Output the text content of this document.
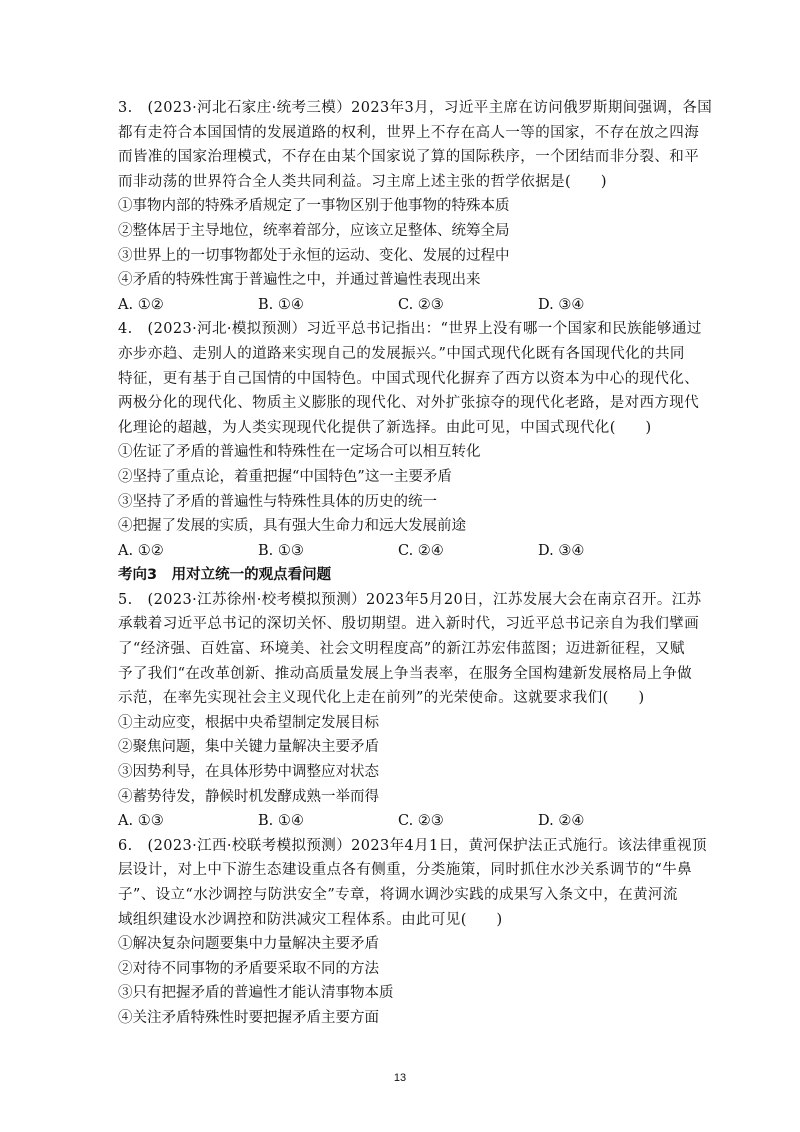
3.　(2023·河北石家庄·统考三模）2023年3月，习近平主席在访问俄罗斯期间强调，各国
都有走符合本国国情的发展道路的权利，世界上不存在高人一等的国家，不存在放之四海
而皆准的国家治理模式，不存在由某个国家说了算的国际秩序，一个团结而非分裂、和平
而非动荡的世界符合全人类共同利益。习主席上述主张的哲学依据是(　　)
①事物内部的特殊矛盾规定了一事物区别于他事物的特殊本质
②整体居于主导地位，统率着部分，应该立足整体、统筹全局
③世界上的一切事物都处于永恒的运动、变化、发展的过程中
④矛盾的特殊性寓于普遍性之中，并通过普遍性表现出来
A. ①②	B. ①④	C. ②③	D. ③④
4.　(2023·河北·模拟预测）习近平总书记指出：“世界上没有哪一个国家和民族能够通过
亦步亦趋、走别人的道路来实现自己的发展振兴。”中国式现代化既有各国现代化的共同
特征，更有基于自己国情的中国特色。中国式现代化摒弃了西方以资本为中心的现代化、
两极分化的现代化、物质主义膨胀的现代化、对外扩张掠夺的现代化老路，是对西方现代
化理论的超越，为人类实现现代化提供了新选择。由此可见，中国式现代化(　　)
①佐证了矛盾的普遍性和特殊性在一定场合可以相互转化
②坚持了重点论，着重把握“中国特色”这一主要矛盾
③坚持了矛盾的普遍性与特殊性具体的历史的统一
④把握了发展的实质，具有强大生命力和远大发展前途
A. ①②	B. ①③	C. ②④	D. ③④
考向3　用对立统一的观点看问题
5.　(2023·江苏徐州·校考模拟预测）2023年5月20日，江苏发展大会在南京召开。江苏
承载着习近平总书记的深切关怀、殷切期望。进入新时代，习近平总书记亲自为我们擘画
了“经济强、百姓富、环境美、社会文明程度高”的新江苏宏伟蓝图；迈进新征程，又赋
予了我们“在改革创新、推动高质量发展上争当表率，在服务全国构建新发展格局上争做
示范，在率先实现社会主义现代化上走在前列”的光荣使命。这就要求我们(　　)
①主动应变，根据中央希望制定发展目标
②聚焦问题，集中关键力量解决主要矛盾
③因势利导，在具体形势中调整应对状态
④蓄势待发，静候时机发酵成熟一举而得
A. ①③	B. ①④	C. ②③	D. ②④
6.　(2023·江西·校联考模拟预测）2023年4月1日，黄河保护法正式施行。该法律重视顶
层设计，对上中下游生态建设重点各有侧重，分类施策，同时抓住水沙关系调节的“牛鼻
子”、设立“水沙调控与防洪安全”专章，将调水调沙实践的成果写入条文中，在黄河流
域组织建设水沙调控和防洪减灾工程体系。由此可见(　　)
①解决复杂问题要集中力量解决主要矛盾
②对待不同事物的矛盾要采取不同的方法
③只有把握矛盾的普遍性才能认清事物本质
④关注矛盾特殊性时要把握矛盾主要方面
13
